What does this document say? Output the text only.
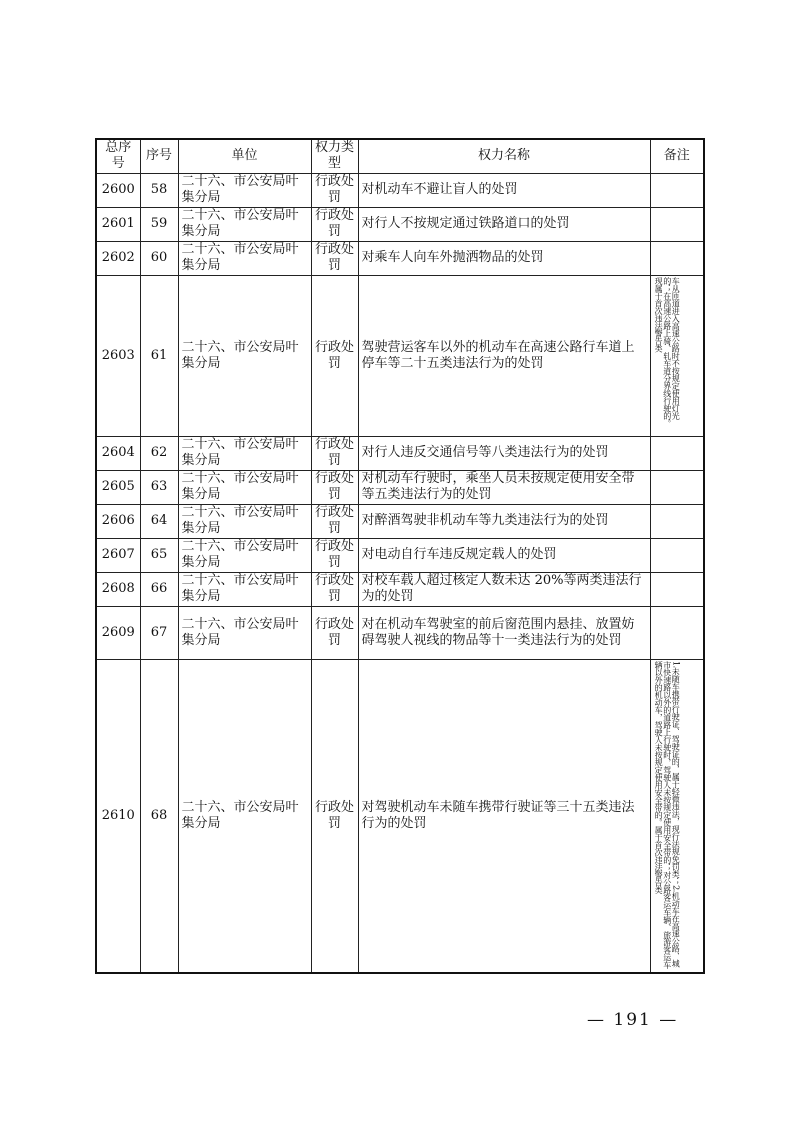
总序号	序号	单位	权力类型	权力名称	备注
2600	58	二十六、市公安局叶集分局	行政处罚	对机动车不避让盲人的处罚	
2601	59	二十六、市公安局叶集分局	行政处罚	对行人不按规定通过铁路道口的处罚	
2602	60	二十六、市公安局叶集分局	行政处罚	对乘车人向车外抛洒物品的处罚	
2603	61	二十六、市公安局叶集分局	行政处罚	驾驶营运客车以外的机动车在高速公路行车道上停车等二十五类违法行为的处罚	车从匝道进入高速公路时不按规定使用灯光的；在高速公路上骑、轧车道分界线行驶的。现属于首次违法警告类

2604	62	二十六、市公安局叶集分局	行政处罚	对行人违反交通信号等八类违法行为的处罚	
2605	63	二十六、市公安局叶集分局	行政处罚	对机动车行驶时，乘坐人员未按规定使用安全带等五类违法行为的处罚	
2606	64	二十六、市公安局叶集分局	行政处罚	对醉酒驾驶非机动车等九类违法行为的处罚	
2607	65	二十六、市公安局叶集分局	行政处罚	对电动自行车违反规定载人的处罚	
2608	66	二十六、市公安局叶集分局	行政处罚	对校车载人超过核定人数未达 20%等两类违法行为的处罚	
2609	67	二十六、市公安局叶集分局	行政处罚	对在机动车驾驶室的前后窗范围内悬挂、放置妨碍驾驶人视线的物品等十一类违法行为的处罚	
2610	68	二十六、市公安局叶集分局	行政处罚	对驾驶机动车未随车携带行驶证等三十五类违法行为的处罚	1.未随车携带行驶证、驾驶证的，属于轻微违法，现行法规免罚类；2.机动车在高速公路、城市快速路以外的道路上行驶时，驾驶人未按规定使用安全带的；对公路客运车辆、旅游客运车辆以外的机动车，驾驶人未按规定使用安全带的。属于首次违法警告类
— 191 —
